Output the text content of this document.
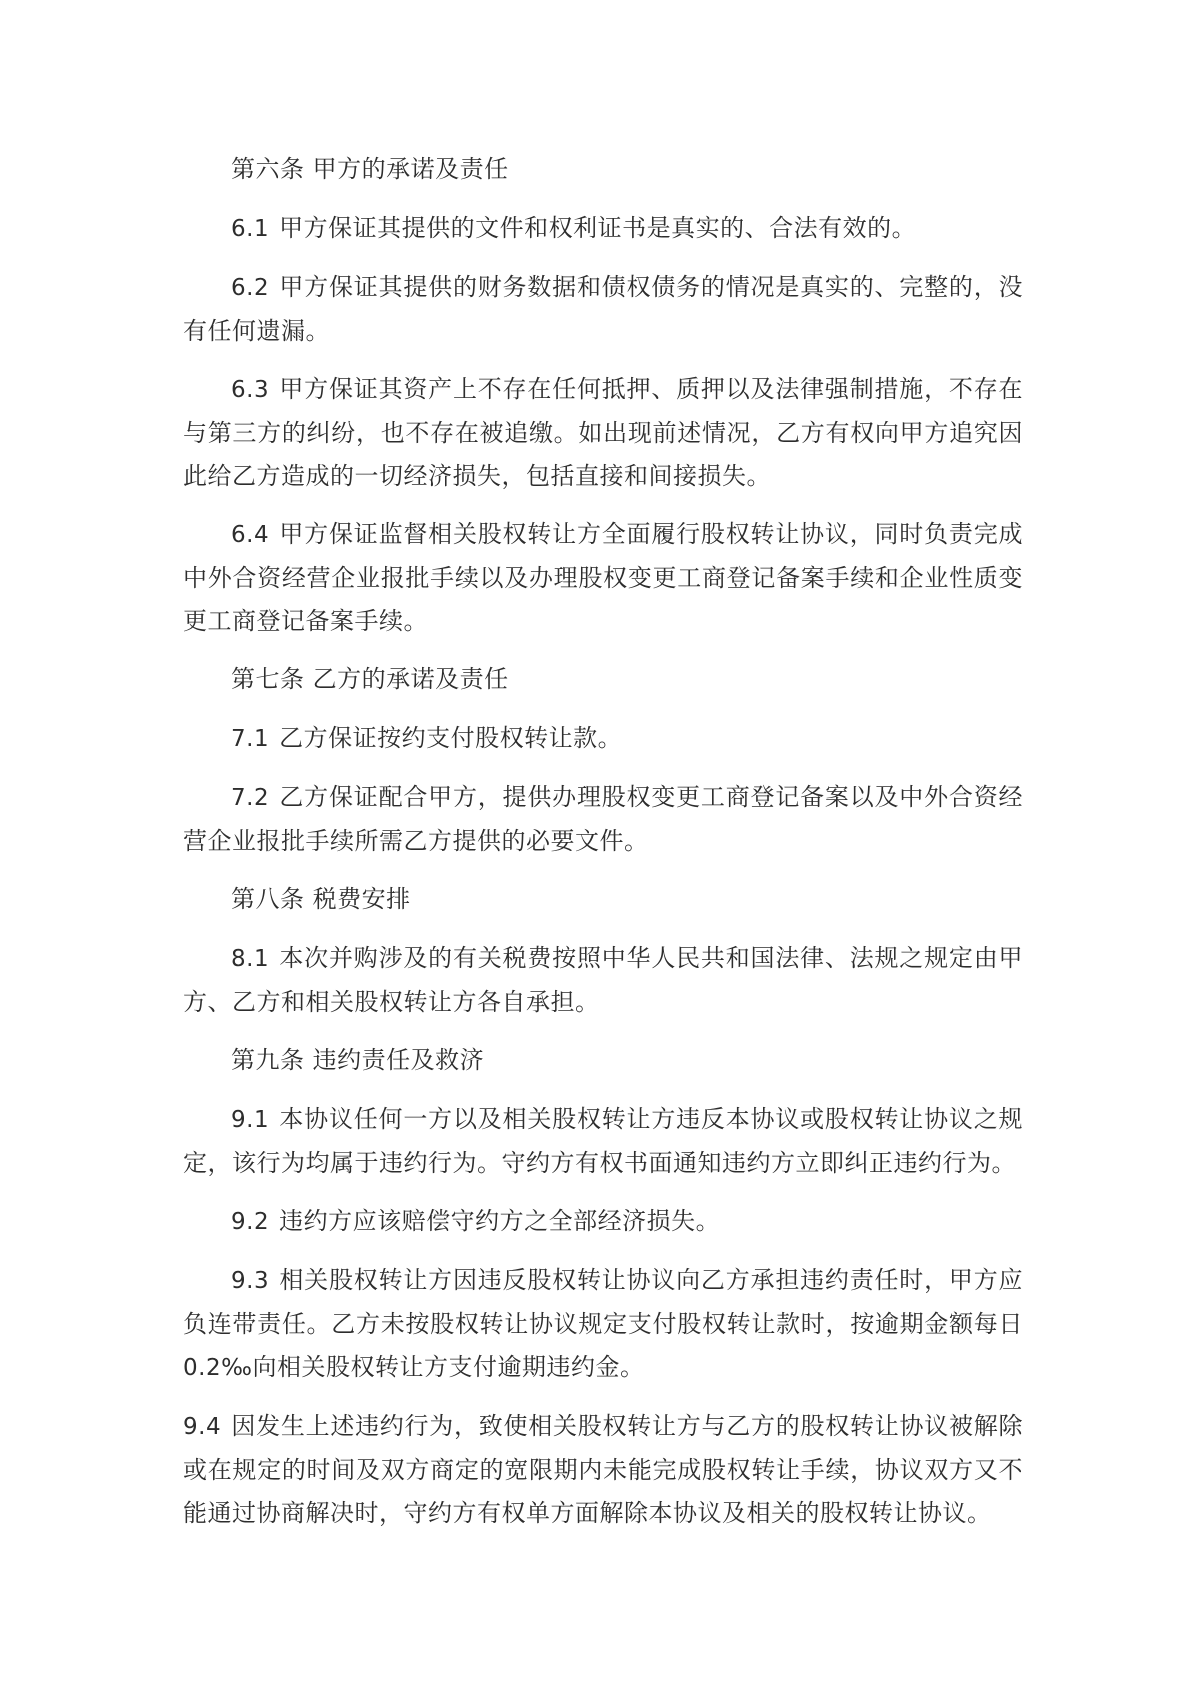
第六条 甲方的承诺及责任

6.1 甲方保证其提供的文件和权利证书是真实的、合法有效的。

6.2 甲方保证其提供的财务数据和债权债务的情况是真实的、完整的，没有任何遗漏。

6.3 甲方保证其资产上不存在任何抵押、质押以及法律强制措施，不存在与第三方的纠纷，也不存在被追缴。如出现前述情况，乙方有权向甲方追究因此给乙方造成的一切经济损失，包括直接和间接损失。

6.4 甲方保证监督相关股权转让方全面履行股权转让协议，同时负责完成中外合资经营企业报批手续以及办理股权变更工商登记备案手续和企业性质变更工商登记备案手续。

第七条 乙方的承诺及责任

7.1 乙方保证按约支付股权转让款。

7.2 乙方保证配合甲方，提供办理股权变更工商登记备案以及中外合资经营企业报批手续所需乙方提供的必要文件。

第八条 税费安排

8.1 本次并购涉及的有关税费按照中华人民共和国法律、法规之规定由甲方、乙方和相关股权转让方各自承担。

第九条 违约责任及救济

9.1 本协议任何一方以及相关股权转让方违反本协议或股权转让协议之规定，该行为均属于违约行为。守约方有权书面通知违约方立即纠正违约行为。

9.2 违约方应该赔偿守约方之全部经济损失。

9.3 相关股权转让方因违反股权转让协议向乙方承担违约责任时，甲方应负连带责任。乙方未按股权转让协议规定支付股权转让款时，按逾期金额每日0.2‰向相关股权转让方支付逾期违约金。

9.4 因发生上述违约行为，致使相关股权转让方与乙方的股权转让协议被解除或在规定的时间及双方商定的宽限期内未能完成股权转让手续，协议双方又不能通过协商解决时，守约方有权单方面解除本协议及相关的股权转让协议。
